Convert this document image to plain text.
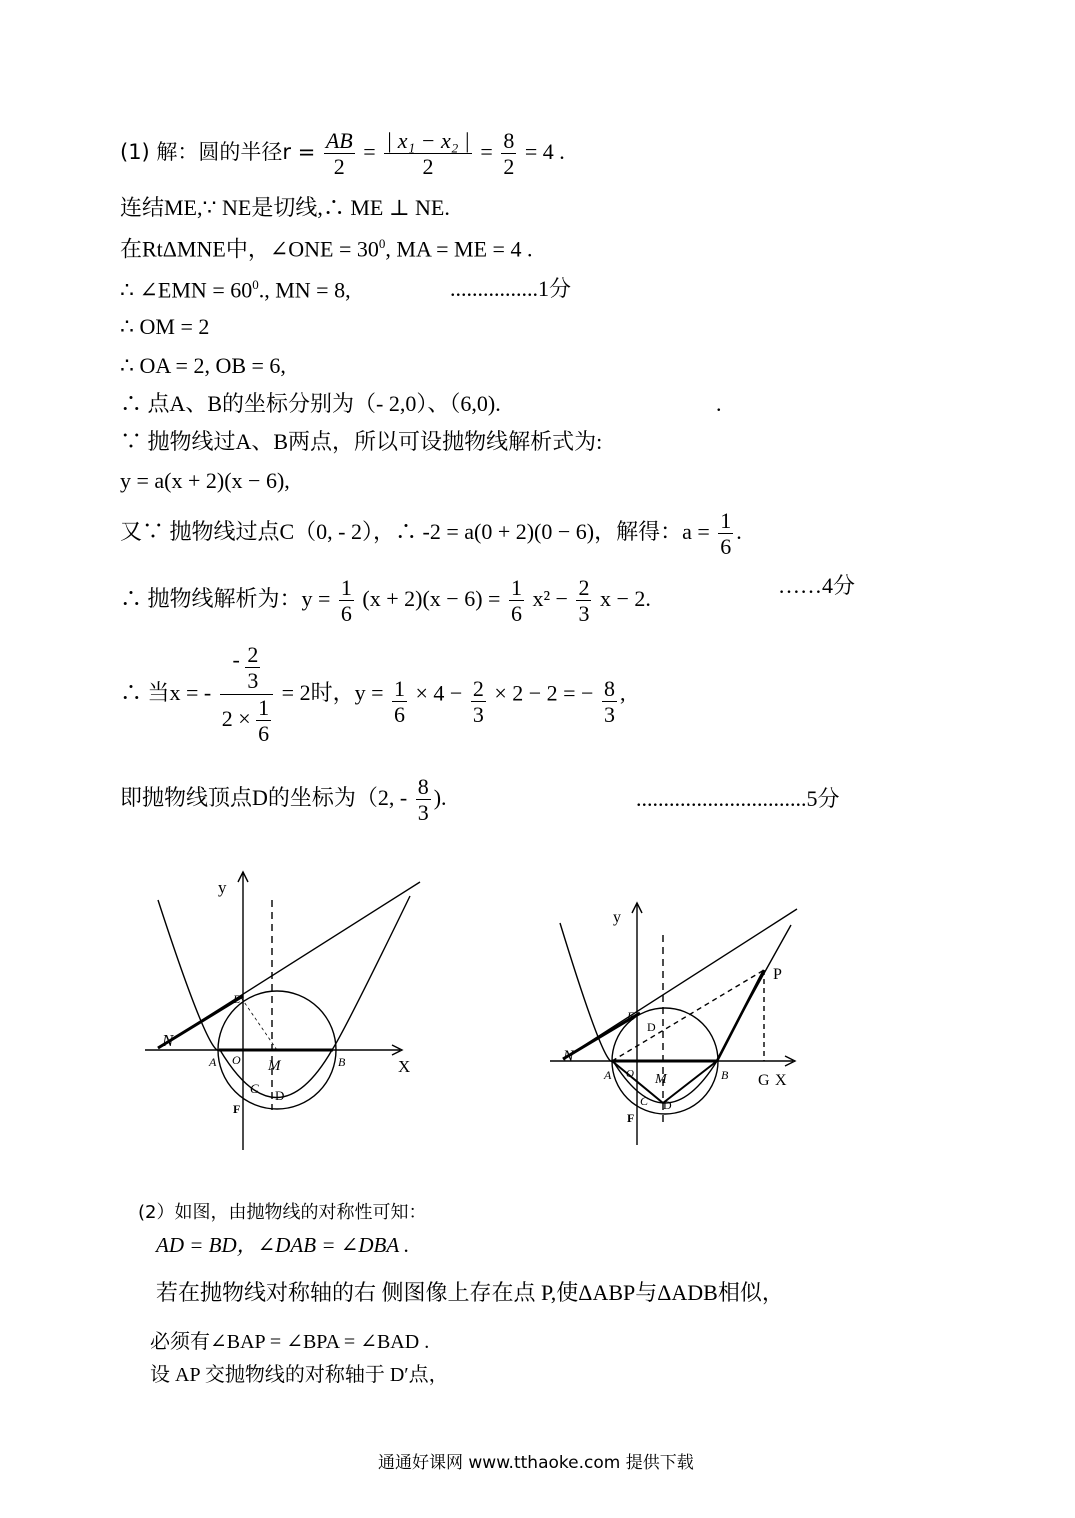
(1) 解：圆的半径$r = \frac{AB}{2} = \frac{\text{| x₁ − x₂ |}}{2} = \frac{8}{2} = 4$ .
连结ME,∵ NE是切线,∴ ME ⊥ NE.
在RtΔMNE中，∠ONE = $30^0$, MA = ME = 4 .
∴ ∠EMN = $60^0$., MN = 8,	................1分
∴ OM = 2
∴ OA = 2, OB = 6,
∴ 点A、B的坐标分别为（- 2,0）、（6,0).	.
∵ 抛物线过A、B两点，所以可设抛物线解析式为:
y = a(x + 2)(x − 6),
又∵ 抛物线过点C（0, - 2），∴ -2 = a(0 + 2)(0 − 6)，解得：$a = \frac{1}{6}$ .
∴ 抛物线解析为：$y = \frac{1}{6} (x + 2)(x - 6) = \frac{1}{6} x^2 - \frac{2}{3}$ x − 2.
……4分
∴ 当x = - $\frac{- \frac{2}{3}}{2 \times \frac{1}{6}} = 2$时，$y = \frac{1}{6} \times 4 - \frac{2}{3} \times 2 - 2$ = − $\frac{8}{3}$ ,
即抛物线顶点D的坐标为（2, - $\frac{8}{3}$ ).	...............................5分
y
X
N
E
A O M	B
C D
F
y
X
G
P
N
E
D
A O M	B
C D
F
(2）如图，由抛物线的对称性可知：
AD = BD，∠DAB = ∠DBA .
若在抛物线对称轴的右 侧图像上存在点 P,使ΔABP与ΔADB相似，
必须有∠BAP = ∠BPA = ∠BAD .
设 AP 交抛物线的对称轴于 D′点，
通通好课网 www.tthaoke.com 提供下载
